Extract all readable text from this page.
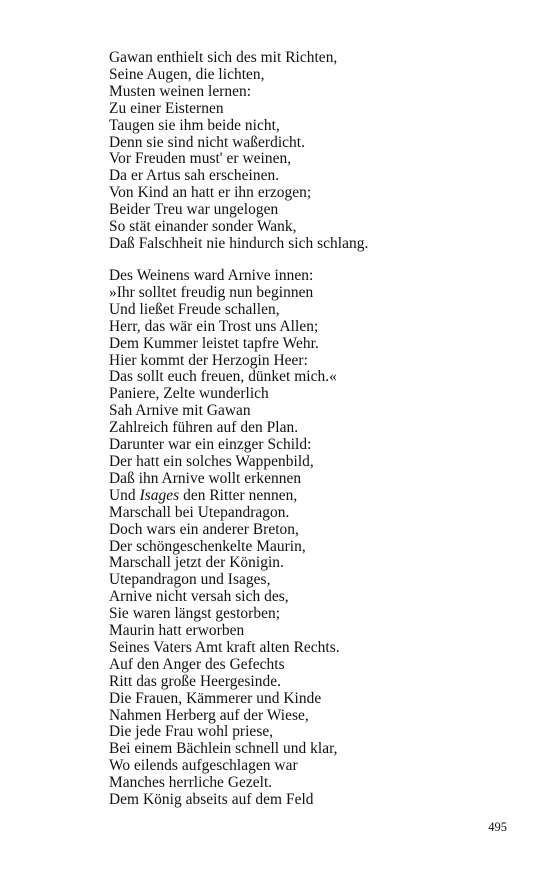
Gawan enthielt sich des mit Richten,
Seine Augen, die lichten,
Musten weinen lernen:
Zu einer Eisternen
Taugen sie ihm beide nicht,
Denn sie sind nicht waßerdicht.
Vor Freuden must' er weinen,
Da er Artus sah erscheinen.
Von Kind an hatt er ihn erzogen;
Beider Treu war ungelogen
So stät einander sonder Wank,
Daß Falschheit nie hindurch sich schlang.
Des Weinens ward Arnive innen:
»Ihr solltet freudig nun beginnen
Und ließet Freude schallen,
Herr, das wär ein Trost uns Allen;
Dem Kummer leistet tapfre Wehr.
Hier kommt der Herzogin Heer:
Das sollt euch freuen, dünket mich.«
Paniere, Zelte wunderlich
Sah Arnive mit Gawan
Zahlreich führen auf den Plan.
Darunter war ein einzger Schild:
Der hatt ein solches Wappenbild,
Daß ihn Arnive wollt erkennen
Und Isages den Ritter nennen,
Marschall bei Utepandragon.
Doch wars ein anderer Breton,
Der schöngeschenkelte Maurin,
Marschall jetzt der Königin.
Utepandragon und Isages,
Arnive nicht versah sich des,
Sie waren längst gestorben;
Maurin hatt erworben
Seines Vaters Amt kraft alten Rechts.
Auf den Anger des Gefechts
Ritt das große Heergesinde.
Die Frauen, Kämmerer und Kinde
Nahmen Herberg auf der Wiese,
Die jede Frau wohl priese,
Bei einem Bächlein schnell und klar,
Wo eilends aufgeschlagen war
Manches herrliche Gezelt.
Dem König abseits auf dem Feld
495
